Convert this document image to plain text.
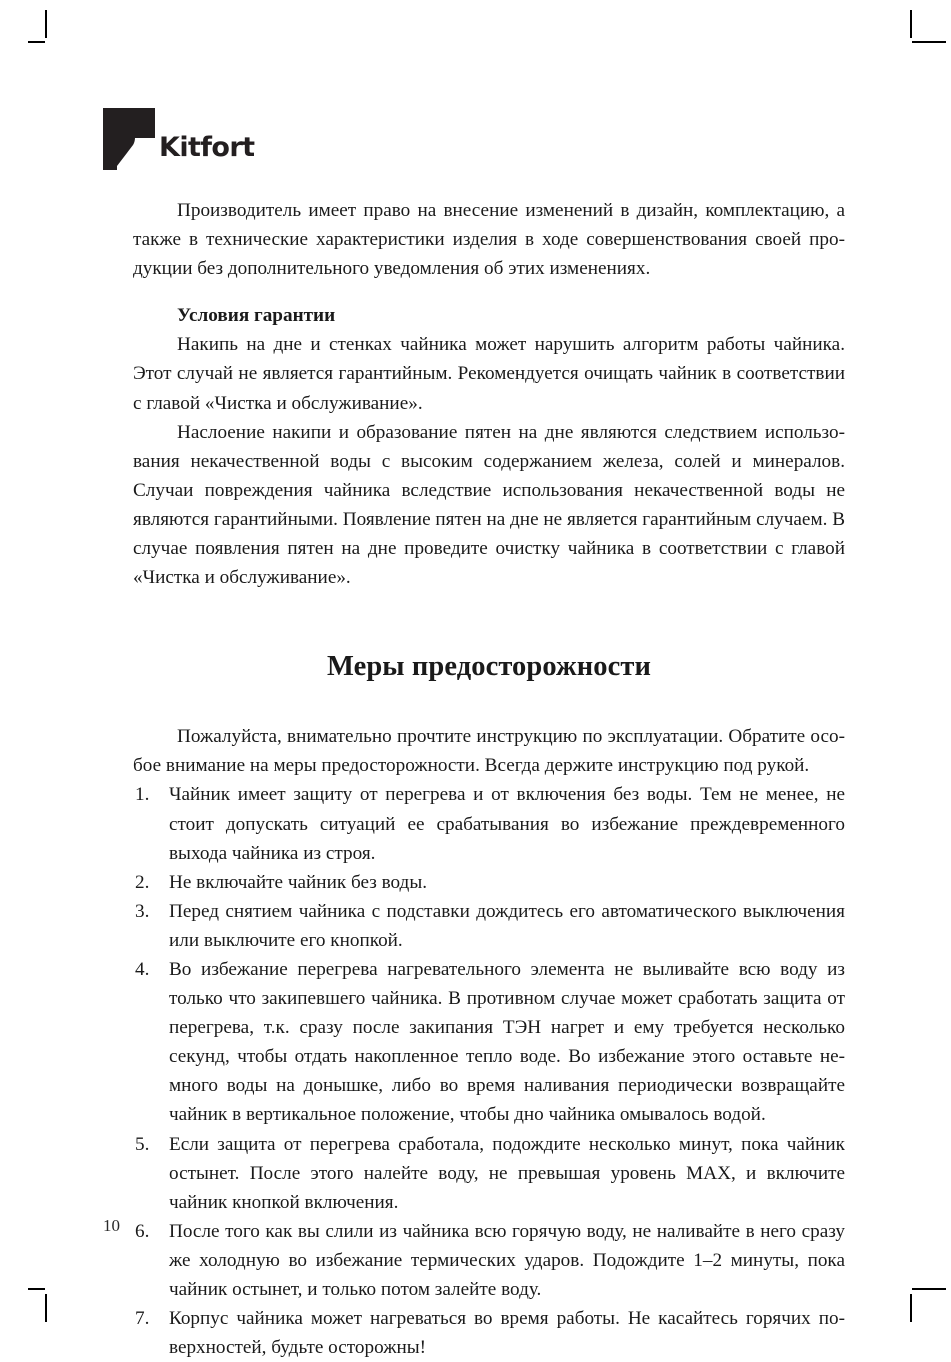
Kitfort

Производитель имеет право на внесение изменений в дизайн, комплектацию, а также в технические характеристики изделия в ходе совершенствования своей продукции без дополнительного уведомления об этих изменениях.

Условия гарантии

Накипь на дне и стенках чайника может нарушить алгоритм работы чайника. Этот случай не является гарантийным. Рекомендуется очищать чайник в соответствии с главой «Чистка и обслуживание».

Наслоение накипи и образование пятен на дне являются следствием использования некачественной воды с высоким содержанием железа, солей и минералов. Случаи повреждения чайника вследствие использования некачественной воды не являются гарантийными. Появление пятен на дне не является гарантийным случаем. В случае появления пятен на дне проведите очистку чайника в соответствии с главой «Чистка и обслуживание».

Меры предосторожности

Пожалуйста, внимательно прочтите инструкцию по эксплуатации. Обратите особое внимание на меры предосторожности. Всегда держите инструкцию под рукой.

1.	Чайник имеет защиту от перегрева и от включения без воды. Тем не менее, не стоит допускать ситуаций ее срабатывания во избежание преждевременного выхода чайника из строя.
2.	Не включайте чайник без воды.
3.	Перед снятием чайника с подставки дождитесь его автоматического выключения или выключите его кнопкой.
4.	Во избежание перегрева нагревательного элемента не выливайте всю воду из только что закипевшего чайника. В противном случае может сработать защита от перегрева, т.к. сразу после закипания ТЭН нагрет и ему требуется несколько секунд, чтобы отдать накопленное тепло воде. Во избежание этого оставьте немного воды на донышке, либо во время наливания периодически возвращайте чайник в вертикальное положение, чтобы дно чайника омывалось водой.
5.	Если защита от перегрева сработала, подождите несколько минут, пока чайник остынет. После этого налейте воду, не превышая уровень MAX, и включите чайник кнопкой включения.
6.	После того как вы слили из чайника всю горячую воду, не наливайте в него сразу же холодную во избежание термических ударов. Подождите 1–2 минуты, пока чайник остынет, и только потом залейте воду.
7.	Корпус чайника может нагреваться во время работы. Не касайтесь горячих поверхностей, будьте осторожны!
10
